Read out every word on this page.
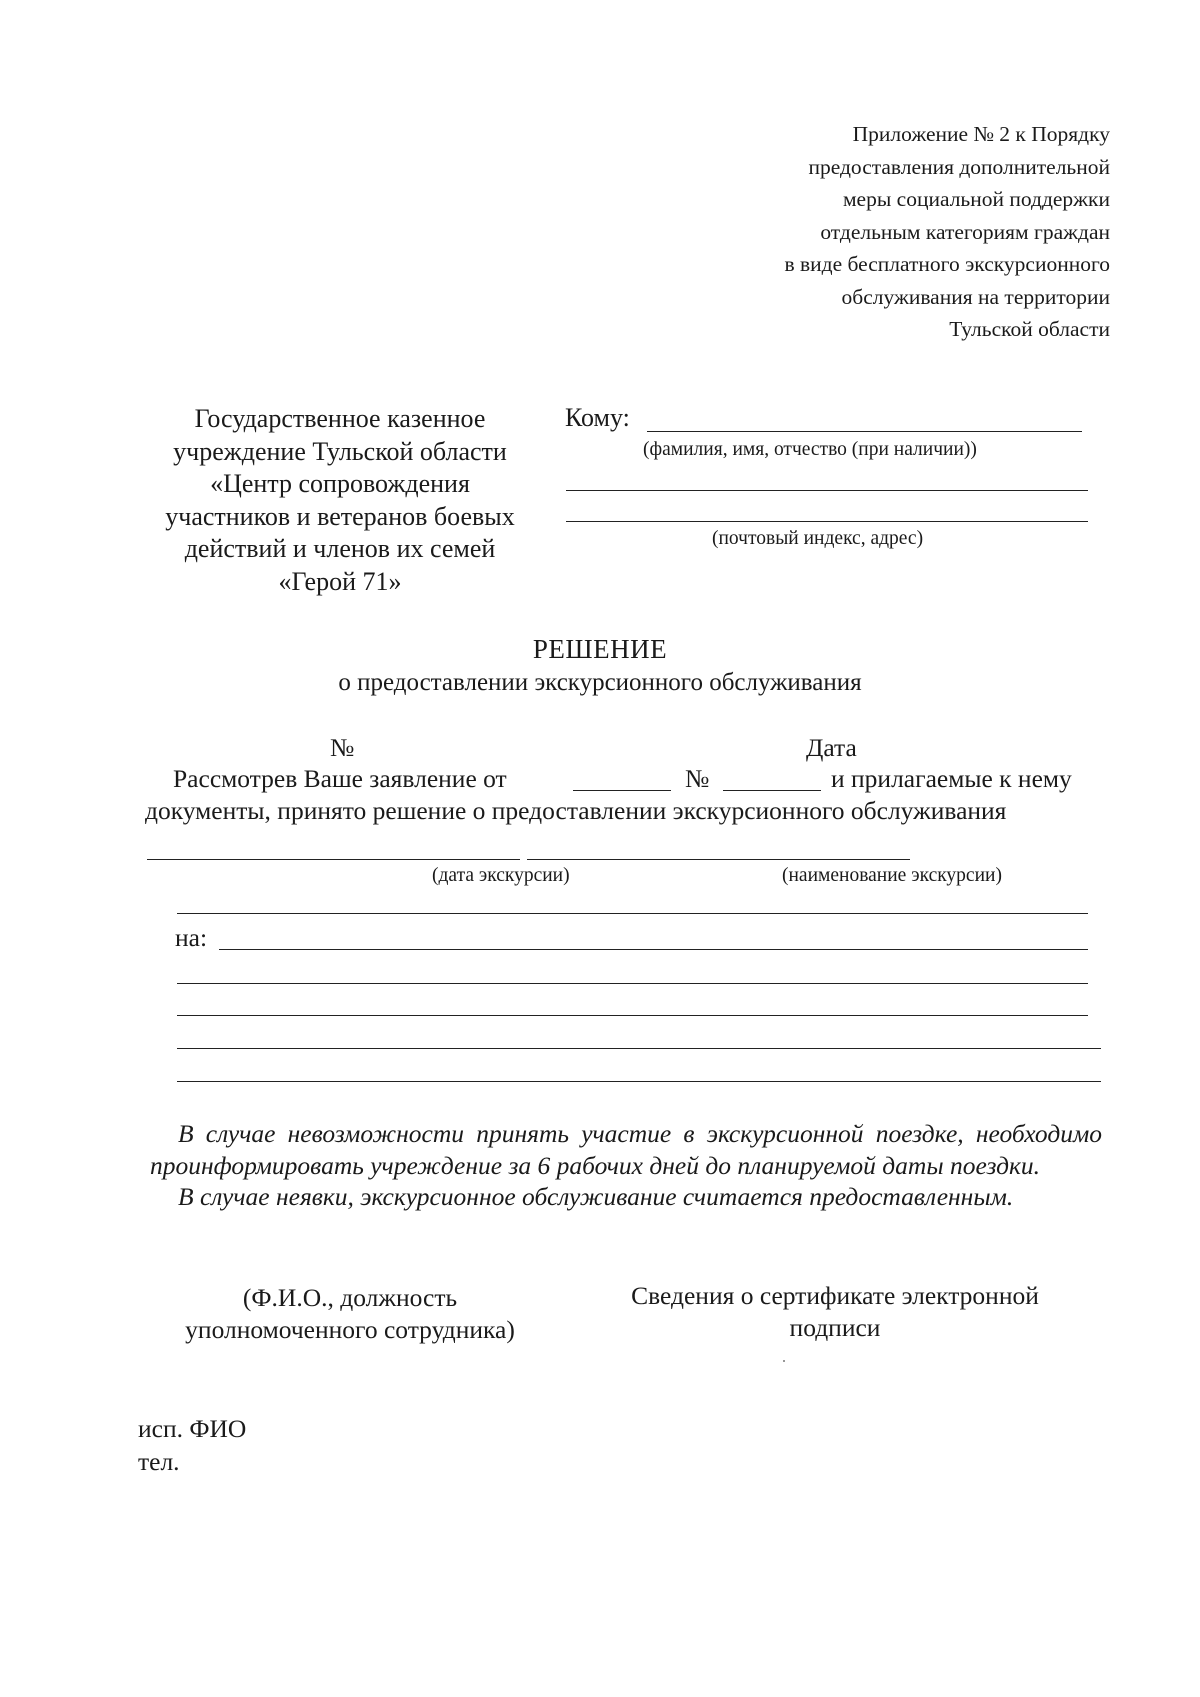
Приложение № 2 к Порядку
предоставления дополнительной
меры социальной поддержки
отдельным категориям граждан
в виде бесплатного экскурсионного
обслуживания на территории
Тульской области
Государственное казенное
учреждение Тульской области
«Центр сопровождения
участников и ветеранов боевых
действий и членов их семей
«Герой 71»
Кому:
(фамилия, имя, отчество (при наличии))
(почтовый индекс, адрес)
РЕШЕНИЕ
о предоставлении экскурсионного обслуживания
№	Дата
Рассмотрев Ваше заявление от	№	и прилагаемые к нему
документы, принято решение о предоставлении экскурсионного обслуживания
(дата экскурсии)	(наименование экскурсии)
на:

В случае невозможности принять участие в экскурсионной поездке, необходимо проинформировать учреждение за 6 рабочих дней до планируемой даты поездки.

В случае неявки, экскурсионное обслуживание считается предоставленным.

(Ф.И.О., должность
уполномоченного сотрудника)
Сведения о сертификате электронной
подписи
исп. ФИО
тел.
